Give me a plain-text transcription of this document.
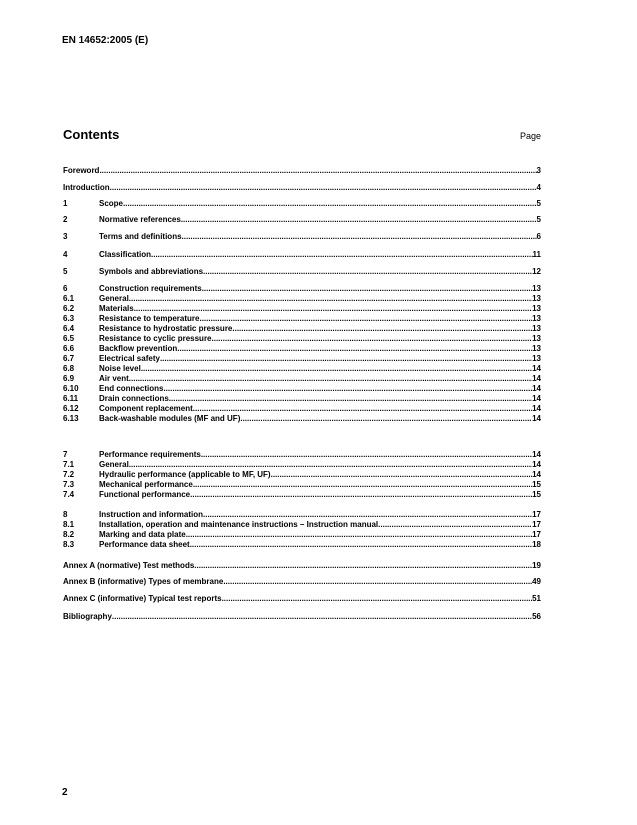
EN 14652:2005 (E)
Contents	Page
Foreword .....	3
Introduction .....	4
1	Scope .....	5
2	Normative references .....	5
3	Terms and definitions .....	6
4	Classification .....	11
5	Symbols and abbreviations .....	12
6	Construction requirements .....	13
6.1	General .....	13
6.2	Materials .....	13
6.3	Resistance to temperature .....	13
6.4	Resistance to hydrostatic pressure .....	13
6.5	Resistance to cyclic pressure .....	13
6.6	Backflow prevention .....	13
6.7	Electrical safety .....	13
6.8	Noise level .....	14
6.9	Air vent .....	14
6.10	End connections .....	14
6.11	Drain connections .....	14
6.12	Component replacement .....	14
6.13	Back-washable modules (MF and UF) .....	14
7	Performance requirements .....	14
7.1	General .....	14
7.2	Hydraulic performance (applicable to MF, UF) .....	14
7.3	Mechanical performance .....	15
7.4	Functional performance .....	15
8	Instruction and information .....	17
8.1	Installation, operation and maintenance instructions – Instruction manual .....	17
8.2	Marking and data plate .....	17
8.3	Performance data sheet .....	18
Annex A (normative) Test methods .....	19
Annex B (informative) Types of membrane .....	49
Annex C (informative) Typical test reports .....	51
Bibliography .....	56
2
